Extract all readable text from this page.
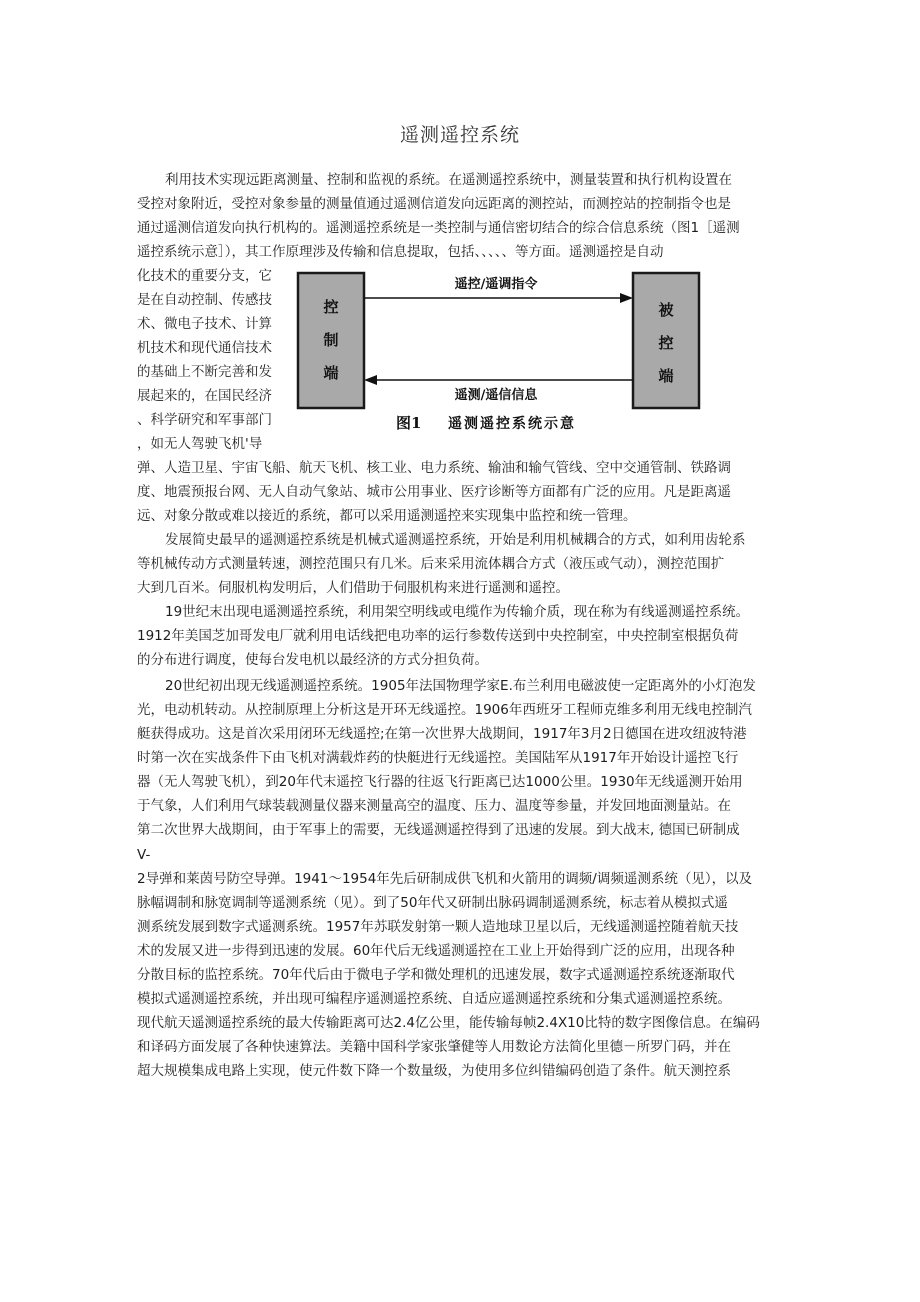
遥测遥控系统
利用技术实现远距离测量、控制和监视的系统。在遥测遥控系统中，测量装置和执行机构设置在
受控对象附近，受控对象参量的测量值通过遥测信道发向远距离的测控站，而测控站的控制指令也是
通过遥测信道发向执行机构的。遥测遥控系统是一类控制与通信密切结合的综合信息系统（图1［遥测
遥控系统示意］），其工作原理涉及传输和信息提取，包括、、、、、等方面。遥测遥控是自动
化技术的重要分支，它
是在自动控制、传感技
术、微电子技术、计算
机技术和现代通信技术
的基础上不断完善和发
展起来的，在国民经济
、科学研究和军事部门
，如无人驾驶飞机'导
弹、人造卫星、宇宙飞船、航天飞机、核工业、电力系统、输油和输气管线、空中交通管制、铁路调
度、地震预报台网、无人自动气象站、城市公用事业、医疗诊断等方面都有广泛的应用。凡是距离遥
远、对象分散或难以接近的系统，都可以采用遥测遥控来实现集中监控和统一管理。
发展简史最早的遥测遥控系统是机械式遥测遥控系统，开始是利用机械耦合的方式，如利用齿轮系
等机械传动方式测量转速，测控范围只有几米。后来采用流体耦合方式（液压或气动），测控范围扩
大到几百米。伺服机构发明后，人们借助于伺服机构来进行遥测和遥控。
19世纪末出现电遥测遥控系统，利用架空明线或电缆作为传输介质，现在称为有线遥测遥控系统。
1912年美国芝加哥发电厂就利用电话线把电功率的运行参数传送到中央控制室，中央控制室根据负荷
的分布进行调度，使每台发电机以最经济的方式分担负荷。
20世纪初出现无线遥测遥控系统。1905年法国物理学家E.布兰利用电磁波使一定距离外的小灯泡发
光，电动机转动。从控制原理上分析这是开环无线遥控。1906年西班牙工程师克维多利用无线电控制汽
艇获得成功。这是首次采用闭环无线遥控;在第一次世界大战期间，1917年3月2日德国在进攻纽波特港
时第一次在实战条件下由飞机对满载炸药的快艇进行无线遥控。美国陆军从1917年开始设计遥控飞行
器（无人驾驶飞机），到20年代末遥控飞行器的往返飞行距离已达1000公里。1930年无线遥测开始用
于气象，人们利用气球装载测量仪器来测量高空的温度、压力、温度等参量，并发回地面测量站。在
第二次世界大战期间，由于军事上的需要，无线遥测遥控得到了迅速的发展。到大战末, 德国已研制成
V-
2导弹和莱茵号防空导弹。1941～1954年先后研制成供飞机和火箭用的调频/调频遥测系统（见），以及
脉幅调制和脉宽调制等遥测系统（见）。到了50年代又研制出脉码调制遥测系统，标志着从模拟式遥
测系统发展到数字式遥测系统。1957年苏联发射第一颗人造地球卫星以后，无线遥测遥控随着航天技
术的发展又进一步得到迅速的发展。60年代后无线遥测遥控在工业上开始得到广泛的应用，出现各种
分散目标的监控系统。70年代后由于微电子学和微处理机的迅速发展，数字式遥测遥控系统逐渐取代
模拟式遥测遥控系统，并出现可编程序遥测遥控系统、自适应遥测遥控系统和分集式遥测遥控系统。
现代航天遥测遥控系统的最大传输距离可达2.4亿公里，能传输每帧2.4X10比特的数字图像信息。在编码
和译码方面发展了各种快速算法。美籍中国科学家张肇健等人用数论方法简化里德－所罗门码，并在
超大规模集成电路上实现，使元件数下降一个数量级，为使用多位纠错编码创造了条件。航天测控系
控
制
端
被
控
端
遥控/遥调指令
遥测/遥信信息
图1 遥测遥控系统示意
